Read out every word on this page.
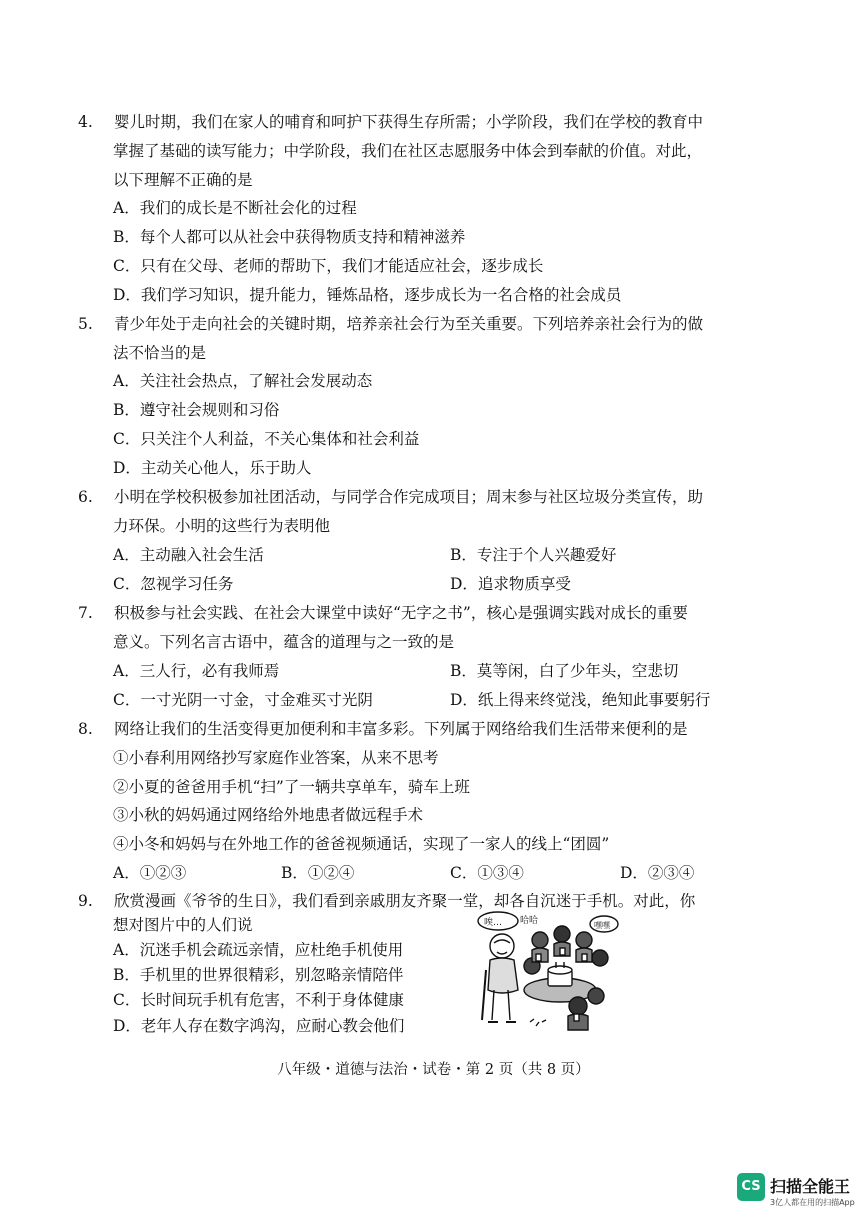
4. 婴儿时期，我们在家人的哺育和呵护下获得生存所需；小学阶段，我们在学校的教育中
掌握了基础的读写能力；中学阶段，我们在社区志愿服务中体会到奉献的价值。对此，
以下理解不正确的是
A．我们的成长是不断社会化的过程
B．每个人都可以从社会中获得物质支持和精神滋养
C．只有在父母、老师的帮助下，我们才能适应社会，逐步成长
D．我们学习知识，提升能力，锤炼品格，逐步成长为一名合格的社会成员
5. 青少年处于走向社会的关键时期，培养亲社会行为至关重要。下列培养亲社会行为的做
法不恰当的是
A．关注社会热点，了解社会发展动态
B．遵守社会规则和习俗
C．只关注个人利益，不关心集体和社会利益
D．主动关心他人，乐于助人
6. 小明在学校积极参加社团活动，与同学合作完成项目；周末参与社区垃圾分类宣传，助
力环保。小明的这些行为表明他
A．主动融入社会生活	B．专注于个人兴趣爱好
C．忽视学习任务	D．追求物质享受
7. 积极参与社会实践、在社会大课堂中读好“无字之书”，核心是强调实践对成长的重要
意义。下列名言古语中，蕴含的道理与之一致的是
A．三人行，必有我师焉	B．莫等闲，白了少年头，空悲切
C．一寸光阴一寸金，寸金难买寸光阴	D．纸上得来终觉浅，绝知此事要躬行
8. 网络让我们的生活变得更加便利和丰富多彩。下列属于网络给我们生活带来便利的是
①小春利用网络抄写家庭作业答案，从来不思考
②小夏的爸爸用手机“扫”了一辆共享单车，骑车上班
③小秋的妈妈通过网络给外地患者做远程手术
④小冬和妈妈与在外地工作的爸爸视频通话，实现了一家人的线上“团圆”
A．①②③	B．①②④	C．①③④	D．②③④
9. 欣赏漫画《爷爷的生日》，我们看到亲戚朋友齐聚一堂，却各自沉迷于手机。对此，你
想对图片中的人们说
A．沉迷手机会疏远亲情，应杜绝手机使用
B．手机里的世界很精彩，别忽略亲情陪伴
C．长时间玩手机有危害，不利于身体健康
D．老年人存在数字鸿沟，应耐心教会他们
唉… 哈哈	嘿嘿
八年级・道德与法治・试卷・第 2 页（共 8 页）
CS 扫描全能王
3亿人都在用的扫描App
